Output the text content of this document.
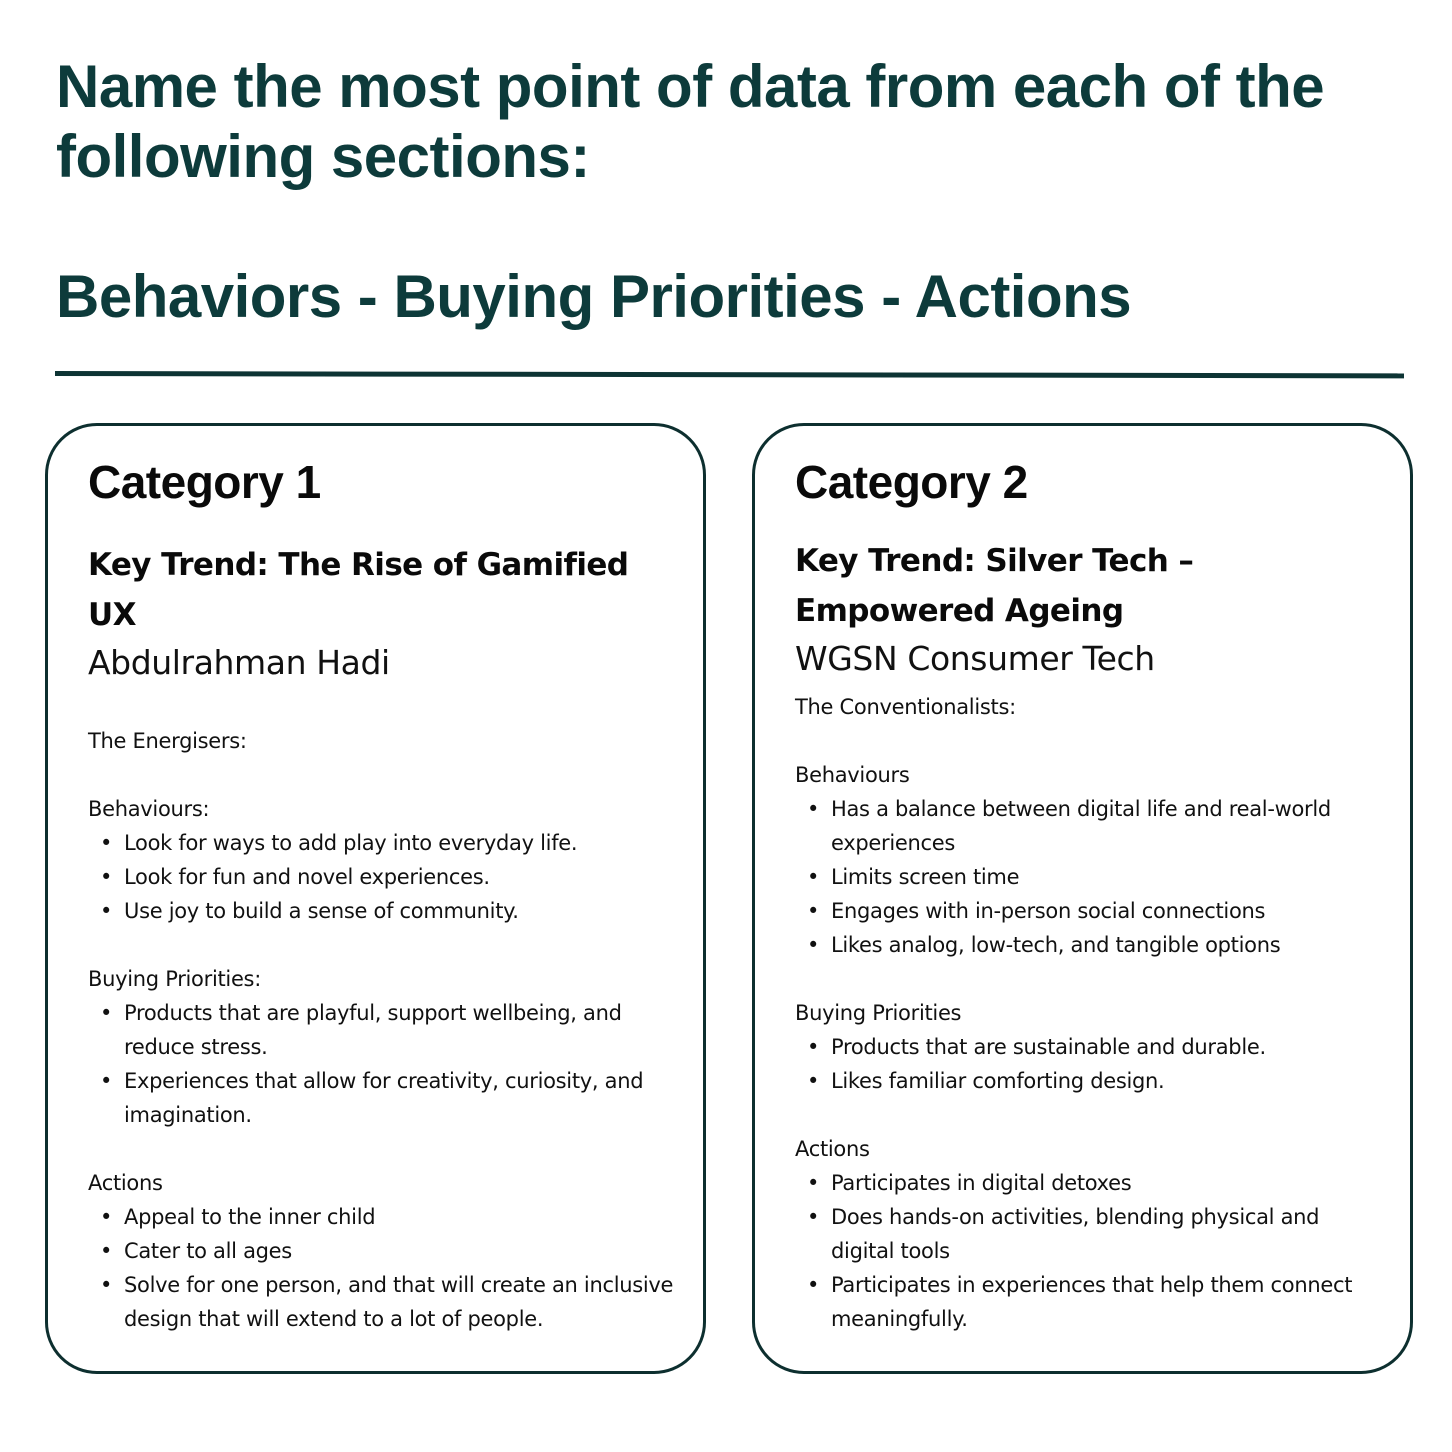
Name the most point of data from each of the following sections:
Behaviors - Buying Priorities - Actions
Category 1
Key Trend: The Rise of Gamified UX

Abdulrahman Hadi

The Energisers:

Behaviours:

• Look for ways to add play into everyday life.
• Look for fun and novel experiences.
• Use joy to build a sense of community.

Buying Priorities:

• Products that are playful, support wellbeing, and reduce stress.
• Experiences that allow for creativity, curiosity, and imagination.

Actions

• Appeal to the inner child
• Cater to all ages
• Solve for one person, and that will create an inclusive design that will extend to a lot of people.
Category 2
Key Trend: Silver Tech – Empowered Ageing

WGSN Consumer Tech

The Conventionalists:

Behaviours

• Has a balance between digital life and real-world experiences
• Limits screen time
• Engages with in-person social connections
• Likes analog, low-tech, and tangible options

Buying Priorities

• Products that are sustainable and durable.
• Likes familiar comforting design.

Actions

• Participates in digital detoxes
• Does hands-on activities, blending physical and digital tools
• Participates in experiences that help them connect meaningfully.
